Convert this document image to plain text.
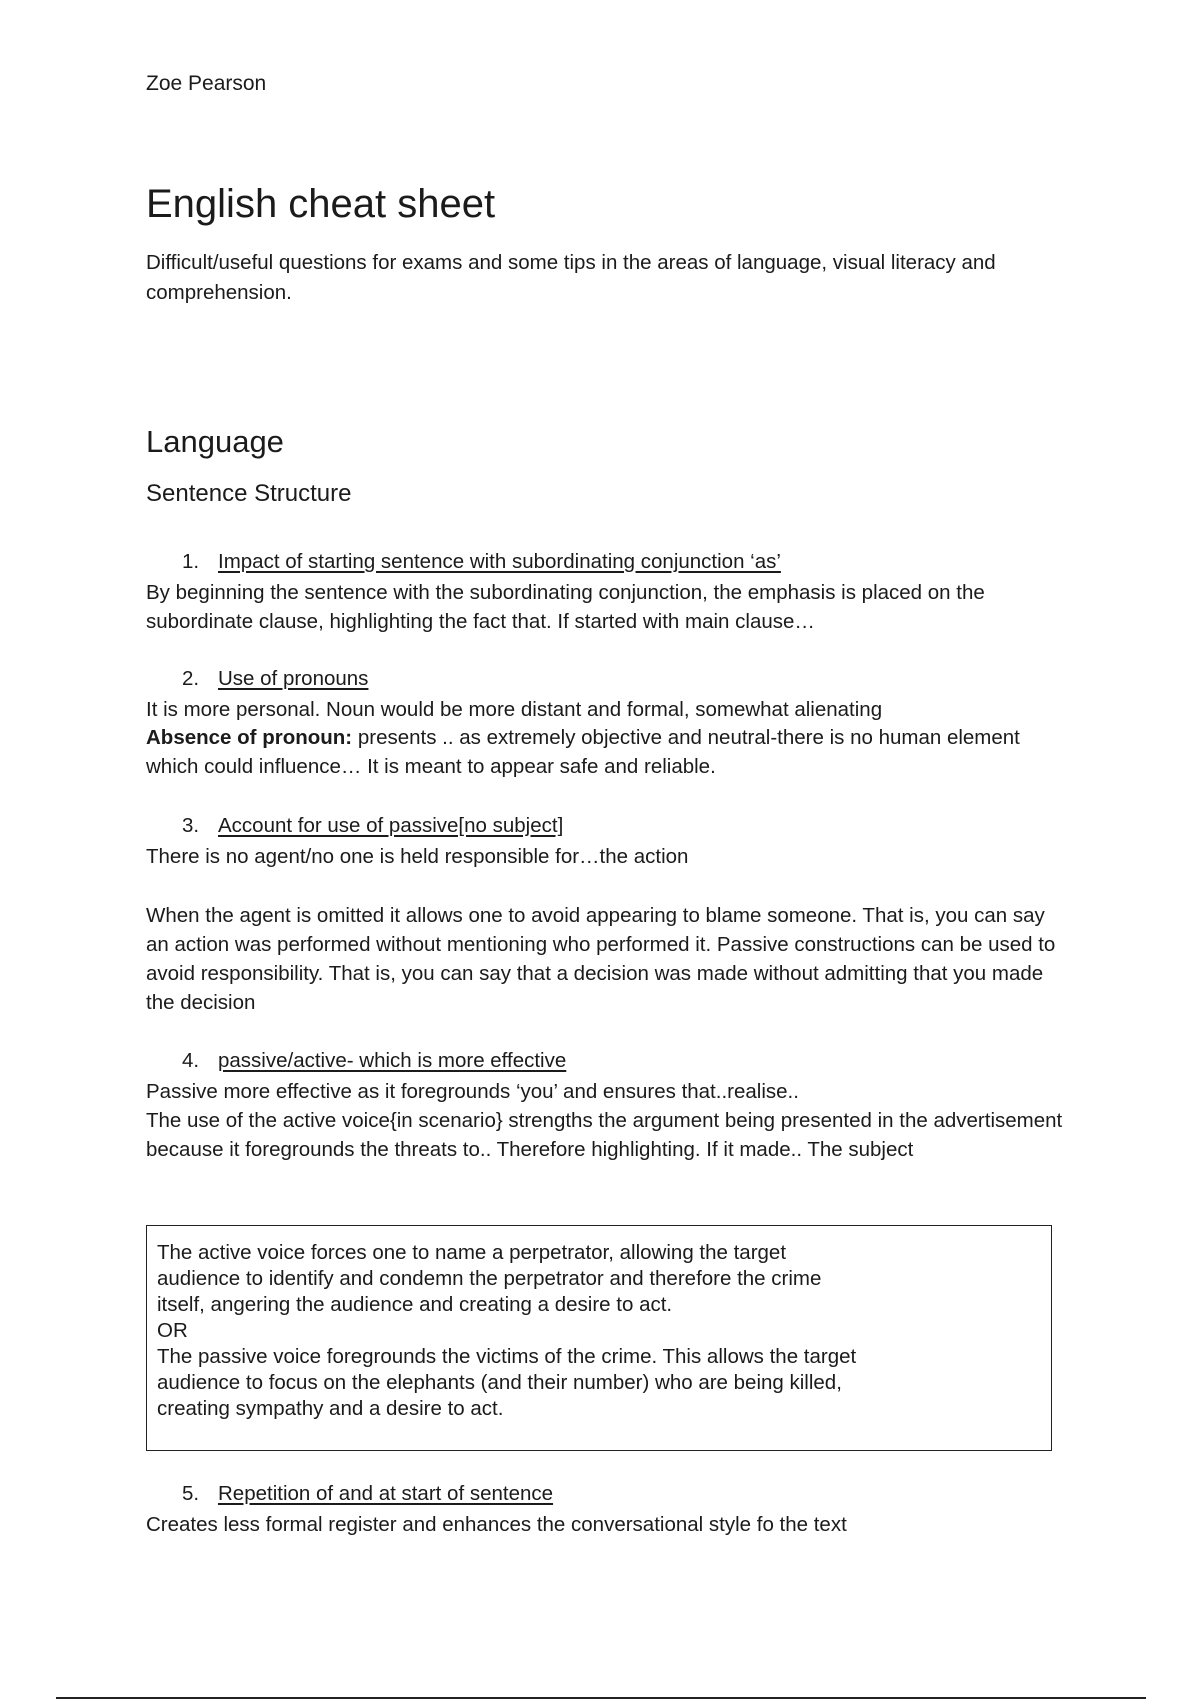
Zoe Pearson
English cheat sheet

Difficult/useful questions for exams and some tips in the areas of language, visual literacy and comprehension.

Language
Sentence Structure
1. Impact of starting sentence with subordinating conjunction ‘as’

By beginning the sentence with the subordinating conjunction, the emphasis is placed on the subordinate clause, highlighting the fact that. If started with main clause…

2. Use of pronouns

It is more personal. Noun would be more distant and formal, somewhat alienating

Absence of pronoun: presents .. as extremely objective and neutral-there is no human element which could influence… It is meant to appear safe and reliable.

3. Account for use of passive[no subject]

There is no agent/no one is held responsible for…the action

When the agent is omitted it allows one to avoid appearing to blame someone. That is, you can say an action was performed without mentioning who performed it. Passive constructions can be used to avoid responsibility. That is, you can say that a decision was made without admitting that you made the decision

4. passive/active- which is more effective

Passive more effective as it foregrounds ‘you’ and ensures that..realise..

The use of the active voice{in scenario} strengths the argument being presented in the advertisement because it foregrounds the threats to.. Therefore highlighting. If it made.. The subject

The active voice forces one to name a perpetrator, allowing the target audience to identify and condemn the perpetrator and therefore the crime itself, angering the audience and creating a desire to act.

OR

The passive voice foregrounds the victims of the crime. This allows the target audience to focus on the elephants (and their number) who are being killed, creating sympathy and a desire to act.

5. Repetition of and at start of sentence

Creates less formal register and enhances the conversational style fo the text
